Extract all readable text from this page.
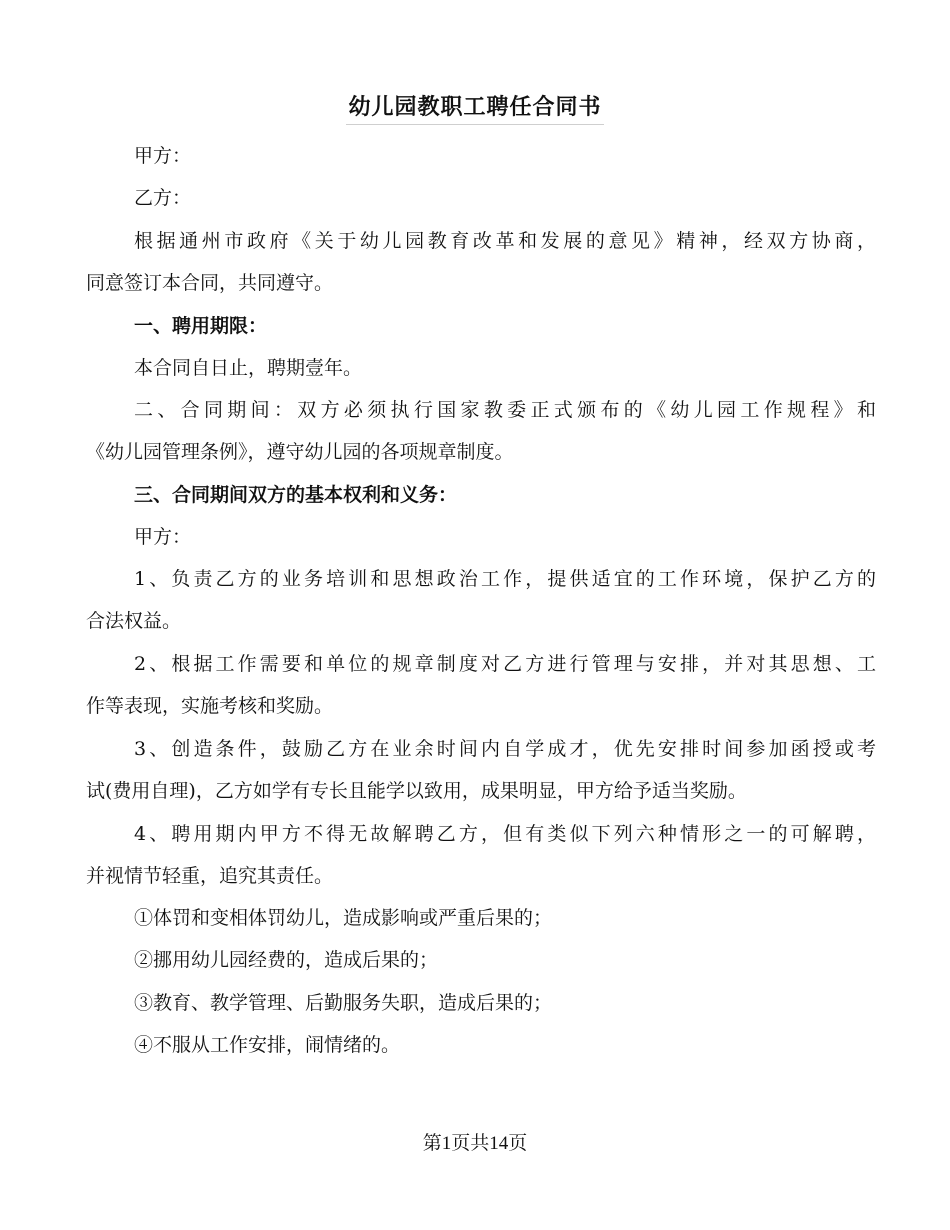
幼儿园教职工聘任合同书
甲方：
乙方：
根据通州市政府《关于幼儿园教育改革和发展的意见》精神，经双方协商，
同意签订本合同，共同遵守。
一、聘用期限：
本合同自日止，聘期壹年。
二、合同期间：双方必须执行国家教委正式颁布的《幼儿园工作规程》和
《幼儿园管理条例》，遵守幼儿园的各项规章制度。
三、合同期间双方的基本权利和义务：
甲方：
1、负责乙方的业务培训和思想政治工作，提供适宜的工作环境，保护乙方的
合法权益。
2、根据工作需要和单位的规章制度对乙方进行管理与安排，并对其思想、工
作等表现，实施考核和奖励。
3、创造条件，鼓励乙方在业余时间内自学成才，优先安排时间参加函授或考
试(费用自理)，乙方如学有专长且能学以致用，成果明显，甲方给予适当奖励。
4、聘用期内甲方不得无故解聘乙方，但有类似下列六种情形之一的可解聘，
并视情节轻重，追究其责任。
①体罚和变相体罚幼儿，造成影响或严重后果的；
②挪用幼儿园经费的，造成后果的；
③教育、教学管理、后勤服务失职，造成后果的；
④不服从工作安排，闹情绪的。
第1页共14页
